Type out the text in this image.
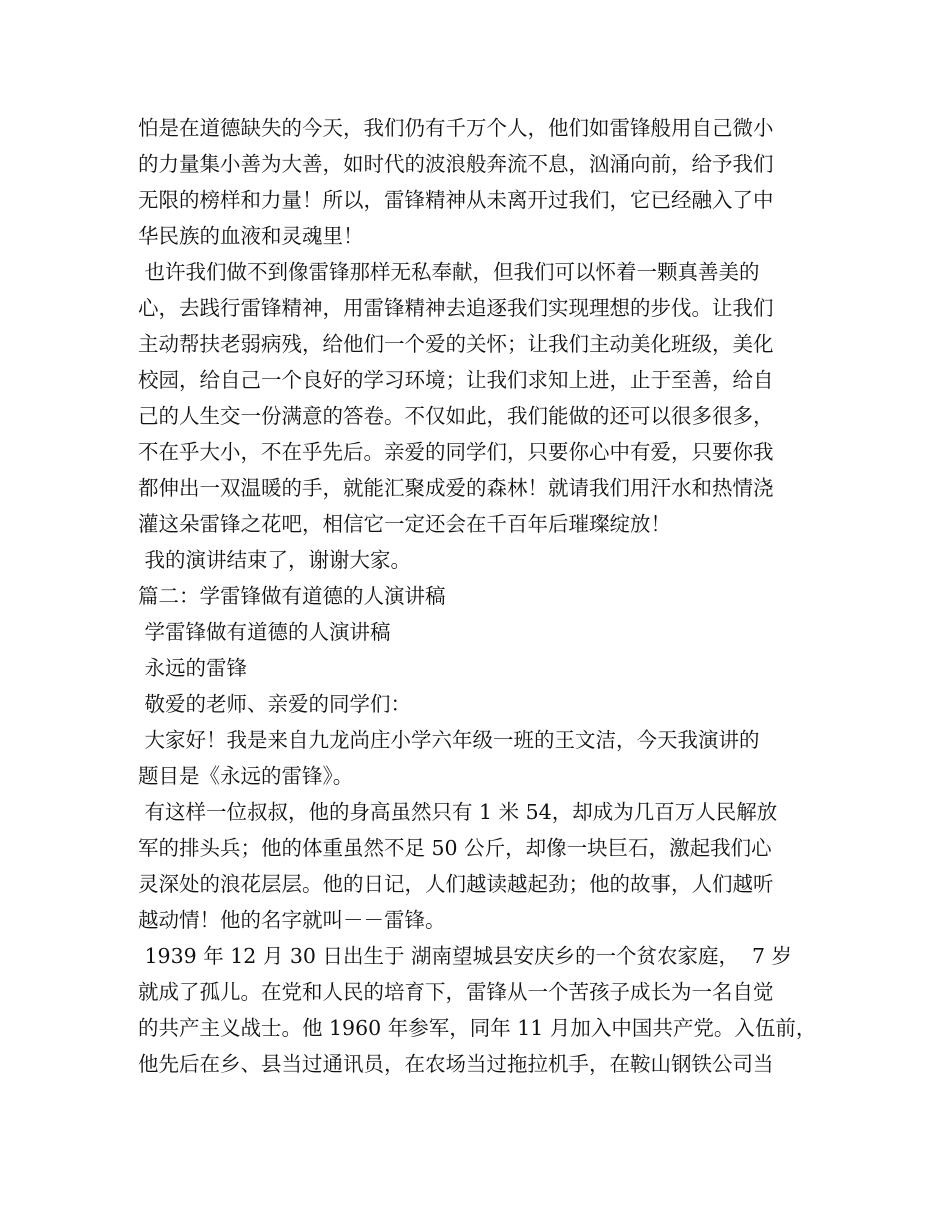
怕是在道德缺失的今天，我们仍有千万个人，他们如雷锋般用自己微小
的力量集小善为大善，如时代的波浪般奔流不息，汹涌向前，给予我们
无限的榜样和力量！所以，雷锋精神从未离开过我们，它已经融入了中
华民族的血液和灵魂里！
也许我们做不到像雷锋那样无私奉献，但我们可以怀着一颗真善美的
心，去践行雷锋精神，用雷锋精神去追逐我们实现理想的步伐。让我们
主动帮扶老弱病残，给他们一个爱的关怀；让我们主动美化班级，美化
校园，给自己一个良好的学习环境；让我们求知上进，止于至善，给自
己的人生交一份满意的答卷。不仅如此，我们能做的还可以很多很多，
不在乎大小，不在乎先后。亲爱的同学们，只要你心中有爱，只要你我
都伸出一双温暖的手，就能汇聚成爱的森林！就请我们用汗水和热情浇
灌这朵雷锋之花吧，相信它一定还会在千百年后璀璨绽放！
我的演讲结束了，谢谢大家。
篇二：学雷锋做有道德的人演讲稿
学雷锋做有道德的人演讲稿
永远的雷锋
敬爱的老师、亲爱的同学们：
大家好！我是来自九龙尚庄小学六年级一班的王文洁，今天我演讲的
题目是《永远的雷锋》。
有这样一位叔叔，他的身高虽然只有 1 米 54，却成为几百万人民解放
军的排头兵；他的体重虽然不足 50 公斤，却像一块巨石，激起我们心
灵深处的浪花层层。他的日记，人们越读越起劲；他的故事，人们越听
越动情！他的名字就叫－－雷锋。
1939 年 12 月 30 日出生于 湖南望城县安庆乡的一个贫农家庭，  7 岁
就成了孤儿。在党和人民的培育下，雷锋从一个苦孩子成长为一名自觉
的共产主义战士。他 1960 年参军，同年 11 月加入中国共产党。入伍前，
他先后在乡、县当过通讯员，在农场当过拖拉机手，在鞍山钢铁公司当
